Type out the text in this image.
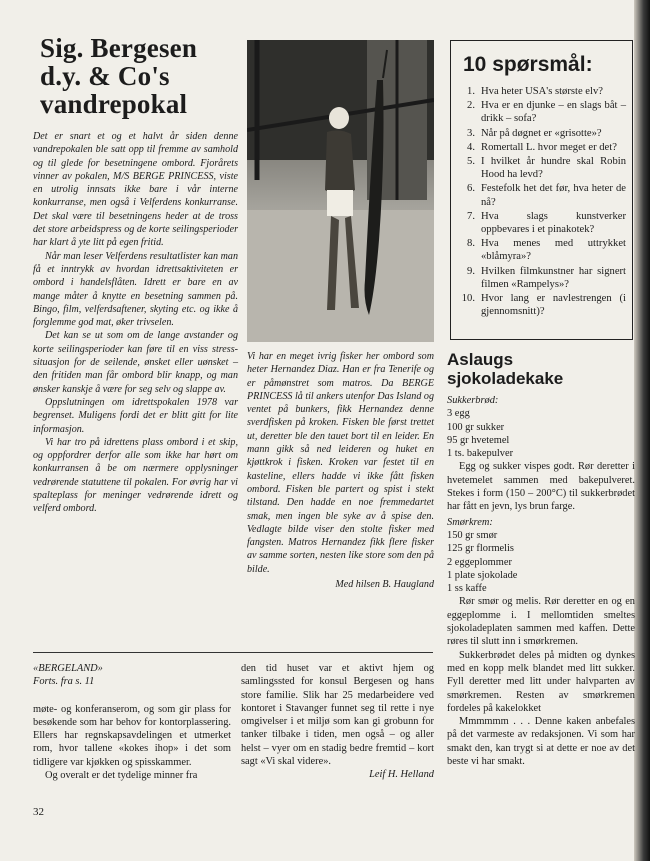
Sig. Bergesen
d.y. & Co's
vandrepokal

Det er snart et og et halvt år siden denne vandrepokalen ble satt opp til fremme av samhold og til glede for besetningene ombord. Fjorårets vinner av pokalen, M/S BERGE PRINCESS, viste en utrolig innsats ikke bare i vår interne konkurranse, men også i Velferdens konkurranse. Det skal være til besetningens heder at de tross det store arbeidspress og de korte seilingsperioder har klart å yte litt på egen fritid.

Når man leser Velferdens resultatlister kan man få et inntrykk av hvordan idrettsaktiviteten er ombord i handelsflåten. Idrett er bare en av mange måter å knytte en besetning sammen på. Bingo, film, velferdsaftener, skyting etc. og ikke å forglemme god mat, øker trivselen.

Det kan se ut som om de lange avstander og korte seilingsperioder kan føre til en viss stress-situasjon for de seilende, ønsket eller uønsket – den fritiden man får ombord blir knapp, og man ønsker kanskje å være for seg selv og slappe av.

Oppslutningen om idrettspokalen 1978 var begrenset. Muligens fordi det er blitt gitt for lite informasjon.

Vi har tro på idrettens plass ombord i et skip, og oppfordrer derfor alle som ikke har hørt om konkurransen å be om nærmere opplysninger vedrørende statuttene til pokalen. For øvrig har vi spalteplass for meninger vedrørende idrett og velferd ombord.

Vi har en meget ivrig fisker her ombord som heter Hernandez Diaz. Han er fra Tenerife og er påmønstret som matros. Da BERGE PRINCESS lå til ankers utenfor Das Island og ventet på bunkers, fikk Hernandez denne sverdfisken på kroken. Fisken ble først trettet ut, deretter ble den tauet bort til en leider. En mann gikk så ned leideren og huket en kjøttkrok i fisken. Kroken var festet til en kasteline, ellers hadde vi ikke fått fisken ombord. Fisken ble partert og spist i stekt tilstand. Den hadde en noe fremmedartet smak, men ingen ble syke av å spise den. Vedlagte bilde viser den stolte fisker med fangsten. Matros Hernandez fikk flere fisker av samme sorten, nesten like store som den på bilde.
Med hilsen B. Haugland
10 spørsmål:
1. Hva heter USA's største elv?
2. Hva er en djunke – en slags båt – drikk – sofa?
3. Når på døgnet er «grisotte»?
4. Romertall L. hvor meget er det?
5. I hvilket år hundre skal Robin Hood ha levd?
6. Festefolk het det før, hva heter de nå?
7. Hva slags kunstverker oppbevares i et pinakotek?
8. Hva menes med uttrykket «blåmyra»?
9. Hvilken filmkunstner har signert filmen «Rampelys»?
10. Hvor lang er navlestrengen (i gjennomsnitt)?
Aslaugs
sjokoladekake

Sukkerbrød:

3 egg

100 gr sukker

95 gr hvetemel

1 ts. bakepulver

Egg og sukker vispes godt. Rør deretter i hvetemelet sammen med bakepulveret. Stekes i form (150 – 200°C) til sukkerbrødet har fått en jevn, lys brun farge.

Smørkrem:

150 gr smør

125 gr flormelis

2 eggeplommer

1 plate sjokolade

1 ss kaffe

Rør smør og melis. Rør deretter en og en eggeplomme i. I mellomtiden smeltes sjokoladeplaten sammen med kaffen. Dette røres til slutt inn i smørkremen.

Sukkerbrødet deles på midten og dynkes med en kopp melk blandet med litt sukker. Fyll deretter med litt under halvparten av smørkremen. Resten av smørkremen fordeles på kakelokket

Mmmmmm . . . Denne kaken anbefales på det varmeste av redaksjonen. Vi som har smakt den, kan trygt si at dette er noe av det beste vi har smakt.

«BERGELAND»

Forts. fra s. 11

møte- og konferanserom, og som gir plass for besøkende som har behov for kontorplassering. Ellers har regnskapsavdelingen et utmerket rom, hvor tallene «kokes ihop» i det som tidligere var kjøkken og spisskammer.

Og overalt er det tydelige minner fra

den tid huset var et aktivt hjem og samlingssted for konsul Bergesen og hans store familie. Slik har 25 medarbeidere ved kontoret i Stavanger funnet seg til rette i nye omgivelser i et miljø som kan gi grobunn for tanker tilbake i tiden, men også – og aller helst – vyer om en stadig bedre fremtid – kort sagt «Vi skal videre».

Leif H. Helland

32
